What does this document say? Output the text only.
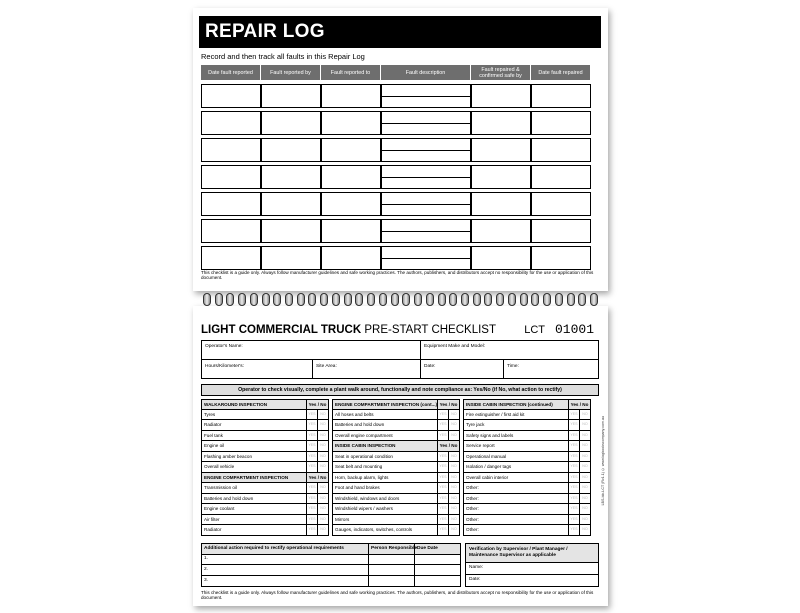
REPAIR LOG
Record and then track all faults in this Repair Log
Date fault reported	Fault reported by	Fault reported to	Fault description	Fault repaired & confirmed safe by	Date fault repaired
This checklist is a guide only. Always follow manufacturer guidelines and safe working practices. The authors, publishers, and distributors accept no responsibility for the use or application of this document.
LIGHT COMMERCIAL TRUCK PRE-START CHECKLIST	LCT 01001
Operator's Name:	Equipment Make and Model:
Hours/Kilometer's:	Site Area:	Date:	Time:
Operator to check visually, complete a plant walk around, functionally and note compliance as: Yes/No (if No, what action to rectify)
WALKAROUND INSPECTION	Yes / No
Tyres	YES	NO
Radiator	YES	NO
Fuel tank	YES	NO
Engine oil	YES	NO
Flashing amber beacon	YES	NO
Overall vehicle	YES	NO
ENGINE COMPARTMENT INSPECTION	Yes / No
Transmission oil	YES	NO
Batteries and hold down	YES	NO
Engine coolant	YES	NO
Air filter	YES	NO
Radiator	YES	NO
ENGINE COMPARTMENT INSPECTION (cont...) Yes / No
All hoses and belts	YES	NO
Batteries and hold down	YES	NO
Overall engine compartment	YES	NO
INSIDE CABIN INSPECTION	Yes / No
Seat in operational condition	YES	NO
Seat belt and mounting	YES	NO
Horn, backup alarm, lights	YES	NO
Foot and hand brakes	YES	NO
Windshield, windows and doors	YES	NO
Windshield wipers / washers	YES	NO
Mirrors	YES	NO
Gauges, indicators, switches, controls	YES	NO
INSIDE CABIN INSPECTION (continued)	Yes / No
Fire extinguisher / first aid kit	YES	NO
Tyre jack	YES	NO
Safety signs and labels	YES	NO
Service report	YES	NO
Operational manual	YES	NO
Isolation / danger tags	YES	NO
Overall cabin interior	YES	NO
Other:	YES	NO
Other:	YES	NO
Other:	YES	NO
Other:	YES	NO
Other:	YES	NO
Additional action required to rectify operational requirements	Person Responsible Due Date
1.
2.
3.
Verification by Supervisor / Plant Manager / Maintenance Supervisor as applicable
Name:
Date:
This checklist is a guide only. Always follow manufacturer guidelines and safe working practices. The authors, publishers, and distributors accept no responsibility for the use or application of this document.
LBS-blc-LCT (Rv1.1) © www.logbookscompany.com.au
